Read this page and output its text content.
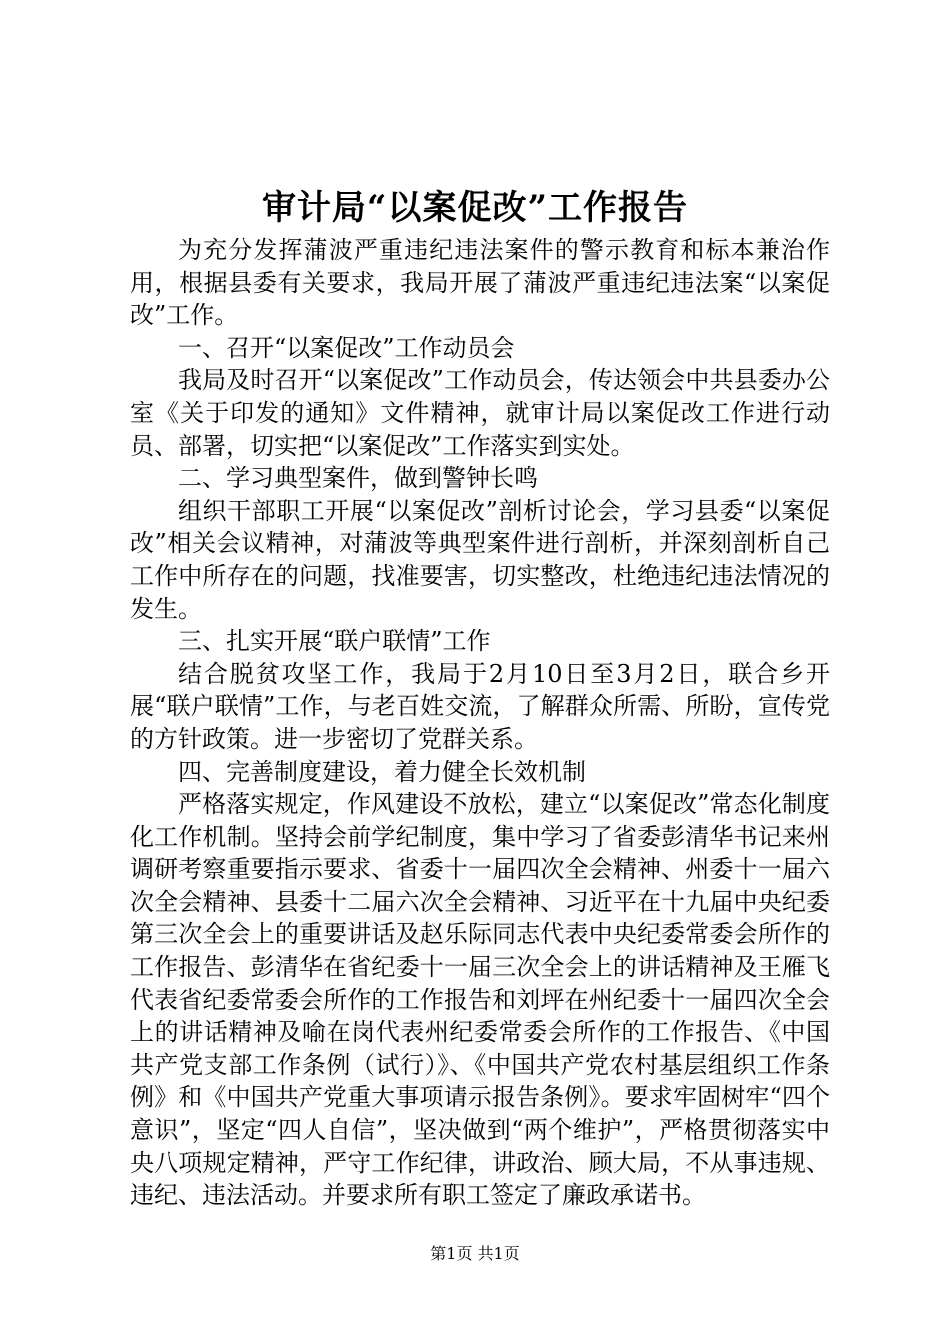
审计局“以案促改”工作报告

为充分发挥蒲波严重违纪违法案件的警示教育和标本兼治作用，根据县委有关要求，我局开展了蒲波严重违纪违法案“以案促改”工作。

一、召开“以案促改”工作动员会

我局及时召开“以案促改”工作动员会，传达领会中共县委办公室《关于印发的通知》文件精神，就审计局以案促改工作进行动员、部署，切实把“以案促改”工作落实到实处。

二、学习典型案件，做到警钟长鸣

组织干部职工开展“以案促改”剖析讨论会，学习县委“以案促改”相关会议精神，对蒲波等典型案件进行剖析，并深刻剖析自己工作中所存在的问题，找准要害，切实整改，杜绝违纪违法情况的发生。

三、扎实开展“联户联情”工作

结合脱贫攻坚工作，我局于2月10日至3月2日，联合乡开展“联户联情”工作，与老百姓交流，了解群众所需、所盼，宣传党的方针政策。进一步密切了党群关系。

四、完善制度建设，着力健全长效机制

严格落实规定，作风建设不放松，建立“以案促改”常态化制度化工作机制。坚持会前学纪制度，集中学习了省委彭清华书记来州调研考察重要指示要求、省委十一届四次全会精神、州委十一届六次全会精神、县委十二届六次全会精神、习近平在十九届中央纪委第三次全会上的重要讲话及赵乐际同志代表中央纪委常委会所作的工作报告、彭清华在省纪委十一届三次全会上的讲话精神及王雁飞代表省纪委常委会所作的工作报告和刘坪在州纪委十一届四次全会上的讲话精神及喻在岗代表州纪委常委会所作的工作报告、《中国共产党支部工作条例（试行）》、《中国共产党农村基层组织工作条例》和《中国共产党重大事项请示报告条例》。要求牢固树牢“四个意识”，坚定“四人自信”，坚决做到“两个维护”，严格贯彻落实中央八项规定精神，严守工作纪律，讲政治、顾大局，不从事违规、违纪、违法活动。并要求所有职工签定了廉政承诺书。

第1页 共1页
